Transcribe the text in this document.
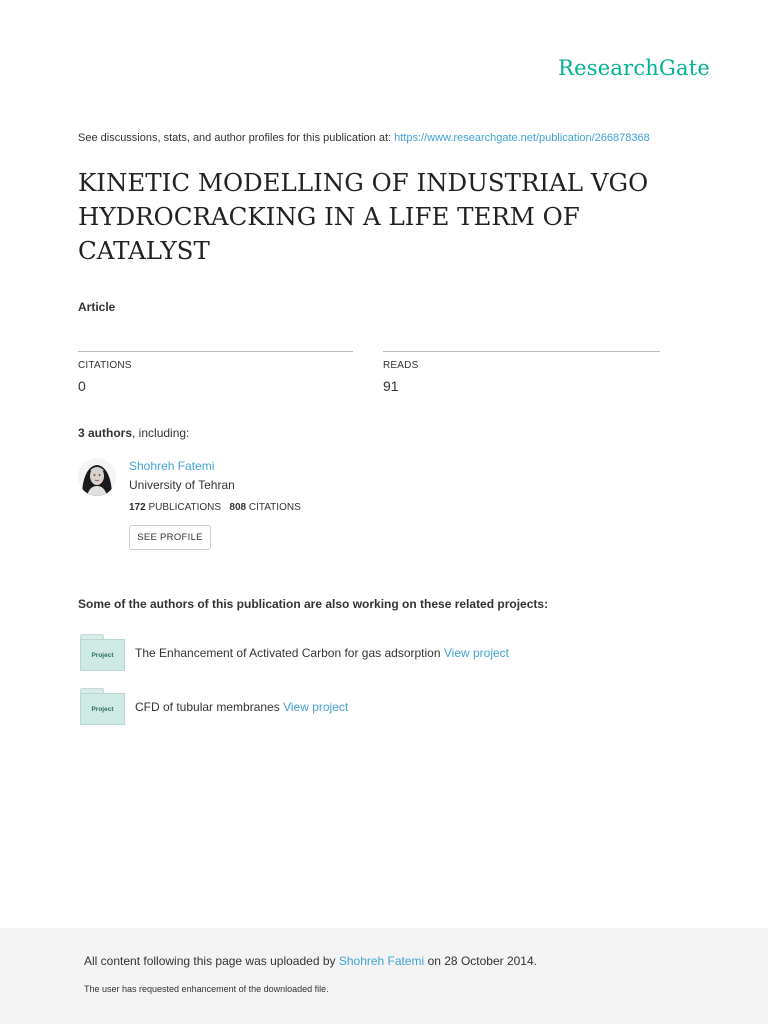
ResearchGate
See discussions, stats, and author profiles for this publication at: https://www.researchgate.net/publication/266878368
KINETIC MODELLING OF INDUSTRIAL VGO HYDROCRACKING IN A LIFE TERM OF CATALYST
Article
CITATIONS
0
READS
91
3 authors, including:
Shohreh Fatemi
University of Tehran
172 PUBLICATIONS 808 CITATIONS
SEE PROFILE
Some of the authors of this publication are also working on these related projects:
Project The Enhancement of Activated Carbon for gas adsorption View project
Project CFD of tubular membranes View project
All content following this page was uploaded by Shohreh Fatemi on 28 October 2014.
The user has requested enhancement of the downloaded file.
